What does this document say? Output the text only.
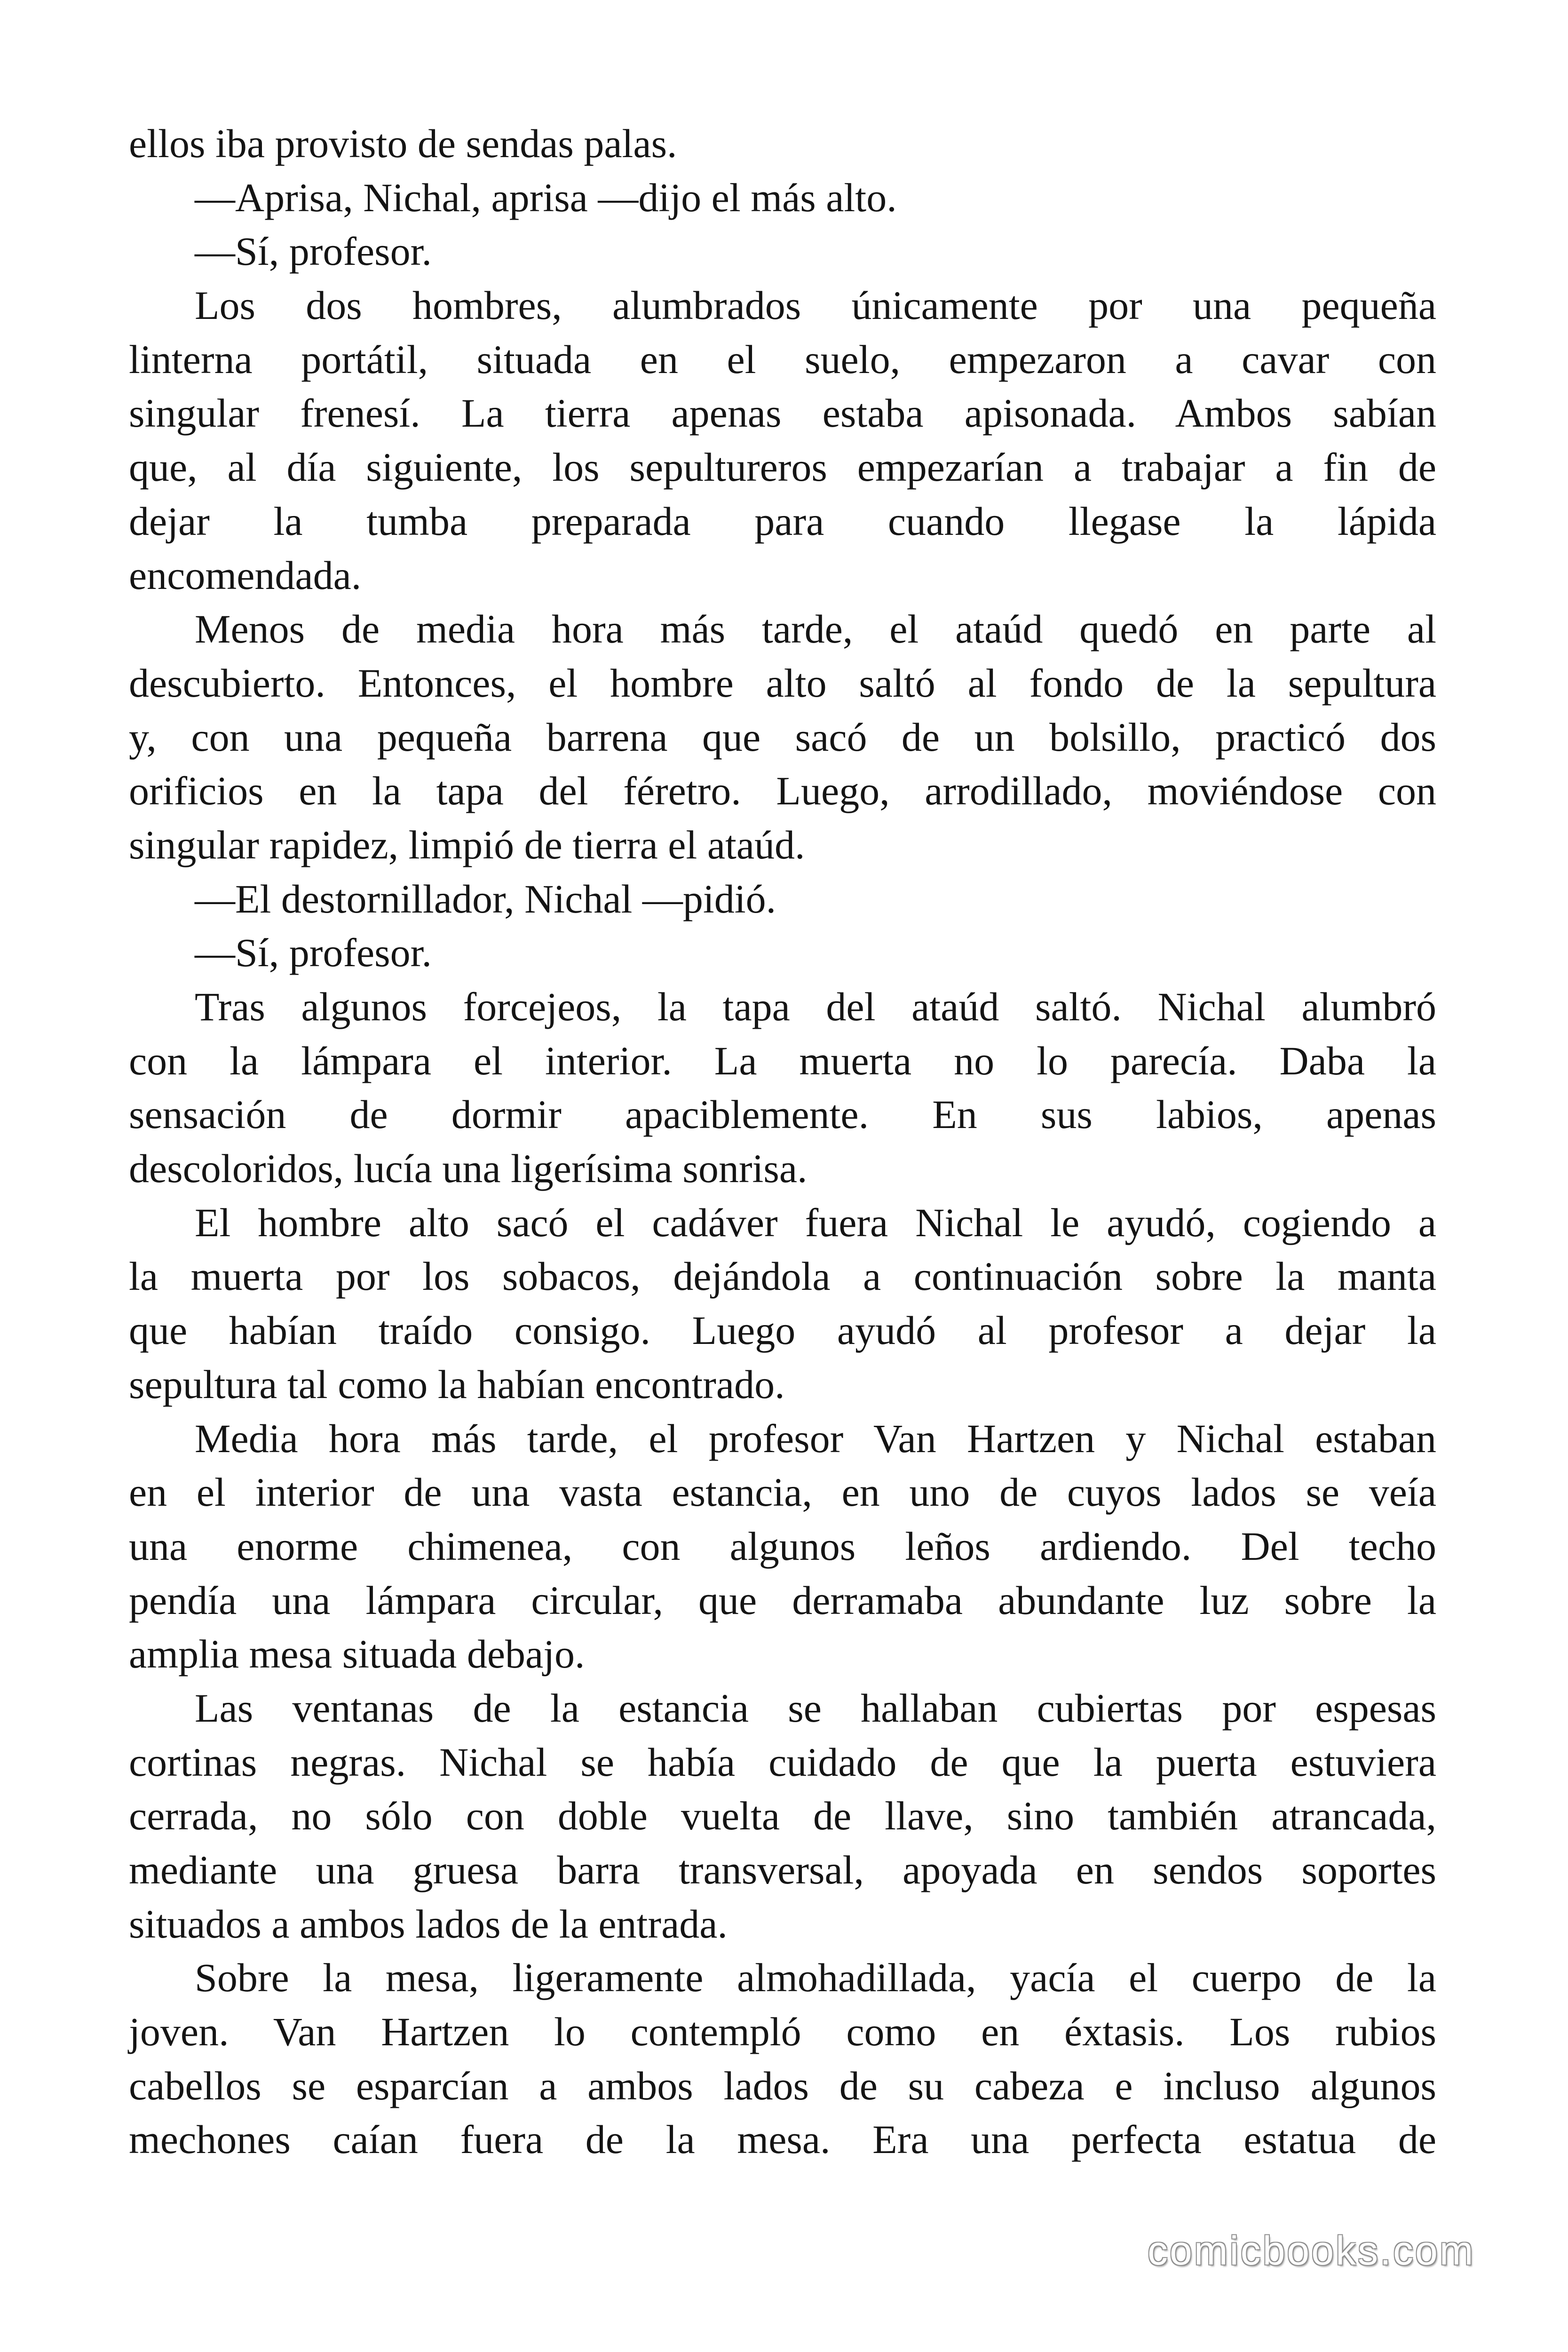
ellos iba provisto de sendas palas.
—Aprisa, Nichal, aprisa —dijo el más alto.
—Sí, profesor.
Los dos hombres, alumbrados únicamente por una pequeña
linterna portátil, situada en el suelo, empezaron a cavar con
singular frenesí. La tierra apenas estaba apisonada. Ambos sabían
que, al día siguiente, los sepultureros empezarían a trabajar a fin de
dejar la tumba preparada para cuando llegase la lápida
encomendada.
Menos de media hora más tarde, el ataúd quedó en parte al
descubierto. Entonces, el hombre alto saltó al fondo de la sepultura
y, con una pequeña barrena que sacó de un bolsillo, practicó dos
orificios en la tapa del féretro. Luego, arrodillado, moviéndose con
singular rapidez, limpió de tierra el ataúd.
—El destornillador, Nichal —pidió.
—Sí, profesor.
Tras algunos forcejeos, la tapa del ataúd saltó. Nichal alumbró
con la lámpara el interior. La muerta no lo parecía. Daba la
sensación de dormir apaciblemente. En sus labios, apenas
descoloridos, lucía una ligerísima sonrisa.
El hombre alto sacó el cadáver fuera Nichal le ayudó, cogiendo a
la muerta por los sobacos, dejándola a continuación sobre la manta
que habían traído consigo. Luego ayudó al profesor a dejar la
sepultura tal como la habían encontrado.
Media hora más tarde, el profesor Van Hartzen y Nichal estaban
en el interior de una vasta estancia, en uno de cuyos lados se veía
una enorme chimenea, con algunos leños ardiendo. Del techo
pendía una lámpara circular, que derramaba abundante luz sobre la
amplia mesa situada debajo.
Las ventanas de la estancia se hallaban cubiertas por espesas
cortinas negras. Nichal se había cuidado de que la puerta estuviera
cerrada, no sólo con doble vuelta de llave, sino también atrancada,
mediante una gruesa barra transversal, apoyada en sendos soportes
situados a ambos lados de la entrada.
Sobre la mesa, ligeramente almohadillada, yacía el cuerpo de la
joven. Van Hartzen lo contempló como en éxtasis. Los rubios
cabellos se esparcían a ambos lados de su cabeza e incluso algunos
mechones caían fuera de la mesa. Era una perfecta estatua de
comicbooks.com
